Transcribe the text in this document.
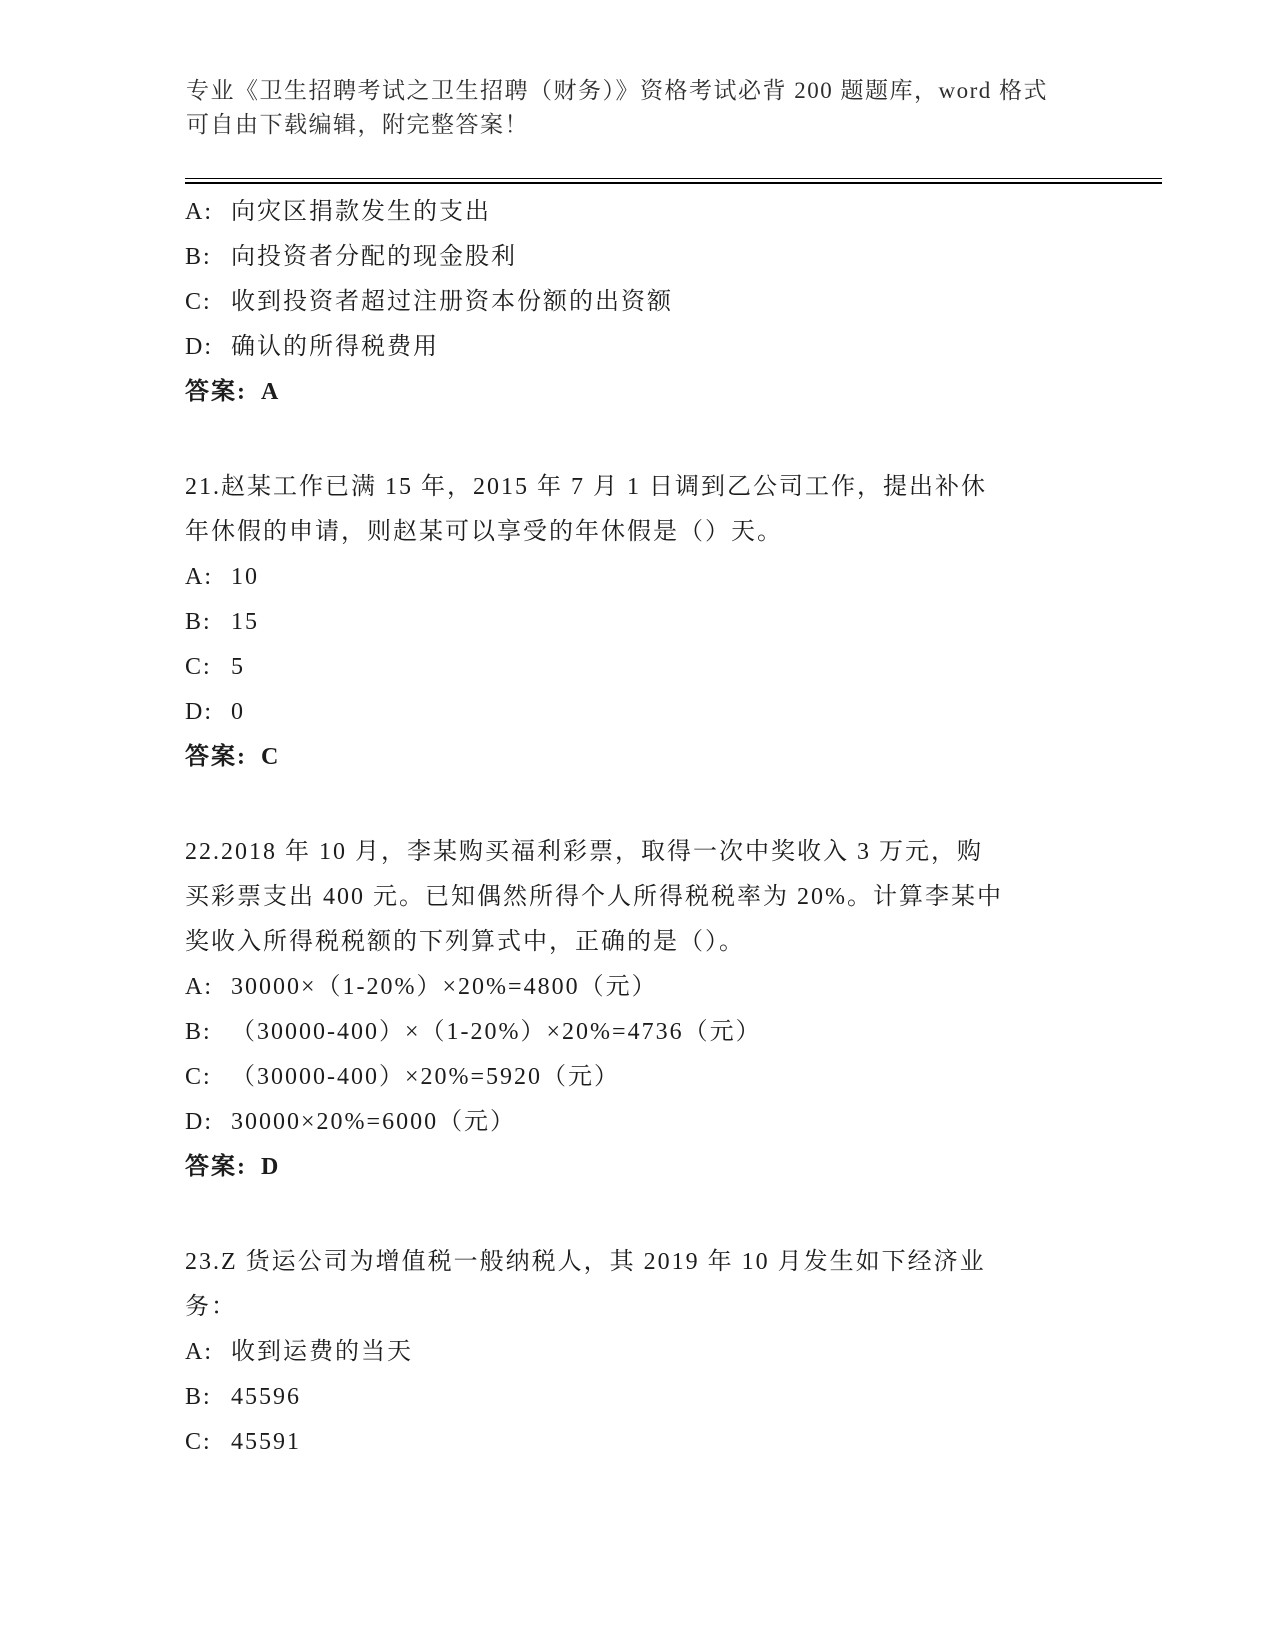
专业《卫生招聘考试之卫生招聘（财务）》资格考试必背 200 题题库，word 格式
可自由下载编辑，附完整答案！
A: 向灾区捐款发生的支出
B: 向投资者分配的现金股利
C: 收到投资者超过注册资本份额的出资额
D: 确认的所得税费用
答案: A
21.赵某工作已满 15 年，2015 年 7 月 1 日调到乙公司工作，提出补休
年休假的申请，则赵某可以享受的年休假是（）天。
A: 10
B: 15
C: 5
D: 0
答案: C
22.2018 年 10 月，李某购买福利彩票，取得一次中奖收入 3 万元，购
买彩票支出 400 元。已知偶然所得个人所得税税率为 20%。计算李某中
奖收入所得税税额的下列算式中，正确的是（）。
A: 30000×（1-20%）×20%=4800（元）
B: （30000-400）×（1-20%）×20%=4736（元）
C: （30000-400）×20%=5920（元）
D: 30000×20%=6000（元）
答案: D
23.Z 货运公司为增值税一般纳税人，其 2019 年 10 月发生如下经济业
务：
A: 收到运费的当天
B: 45596
C: 45591
